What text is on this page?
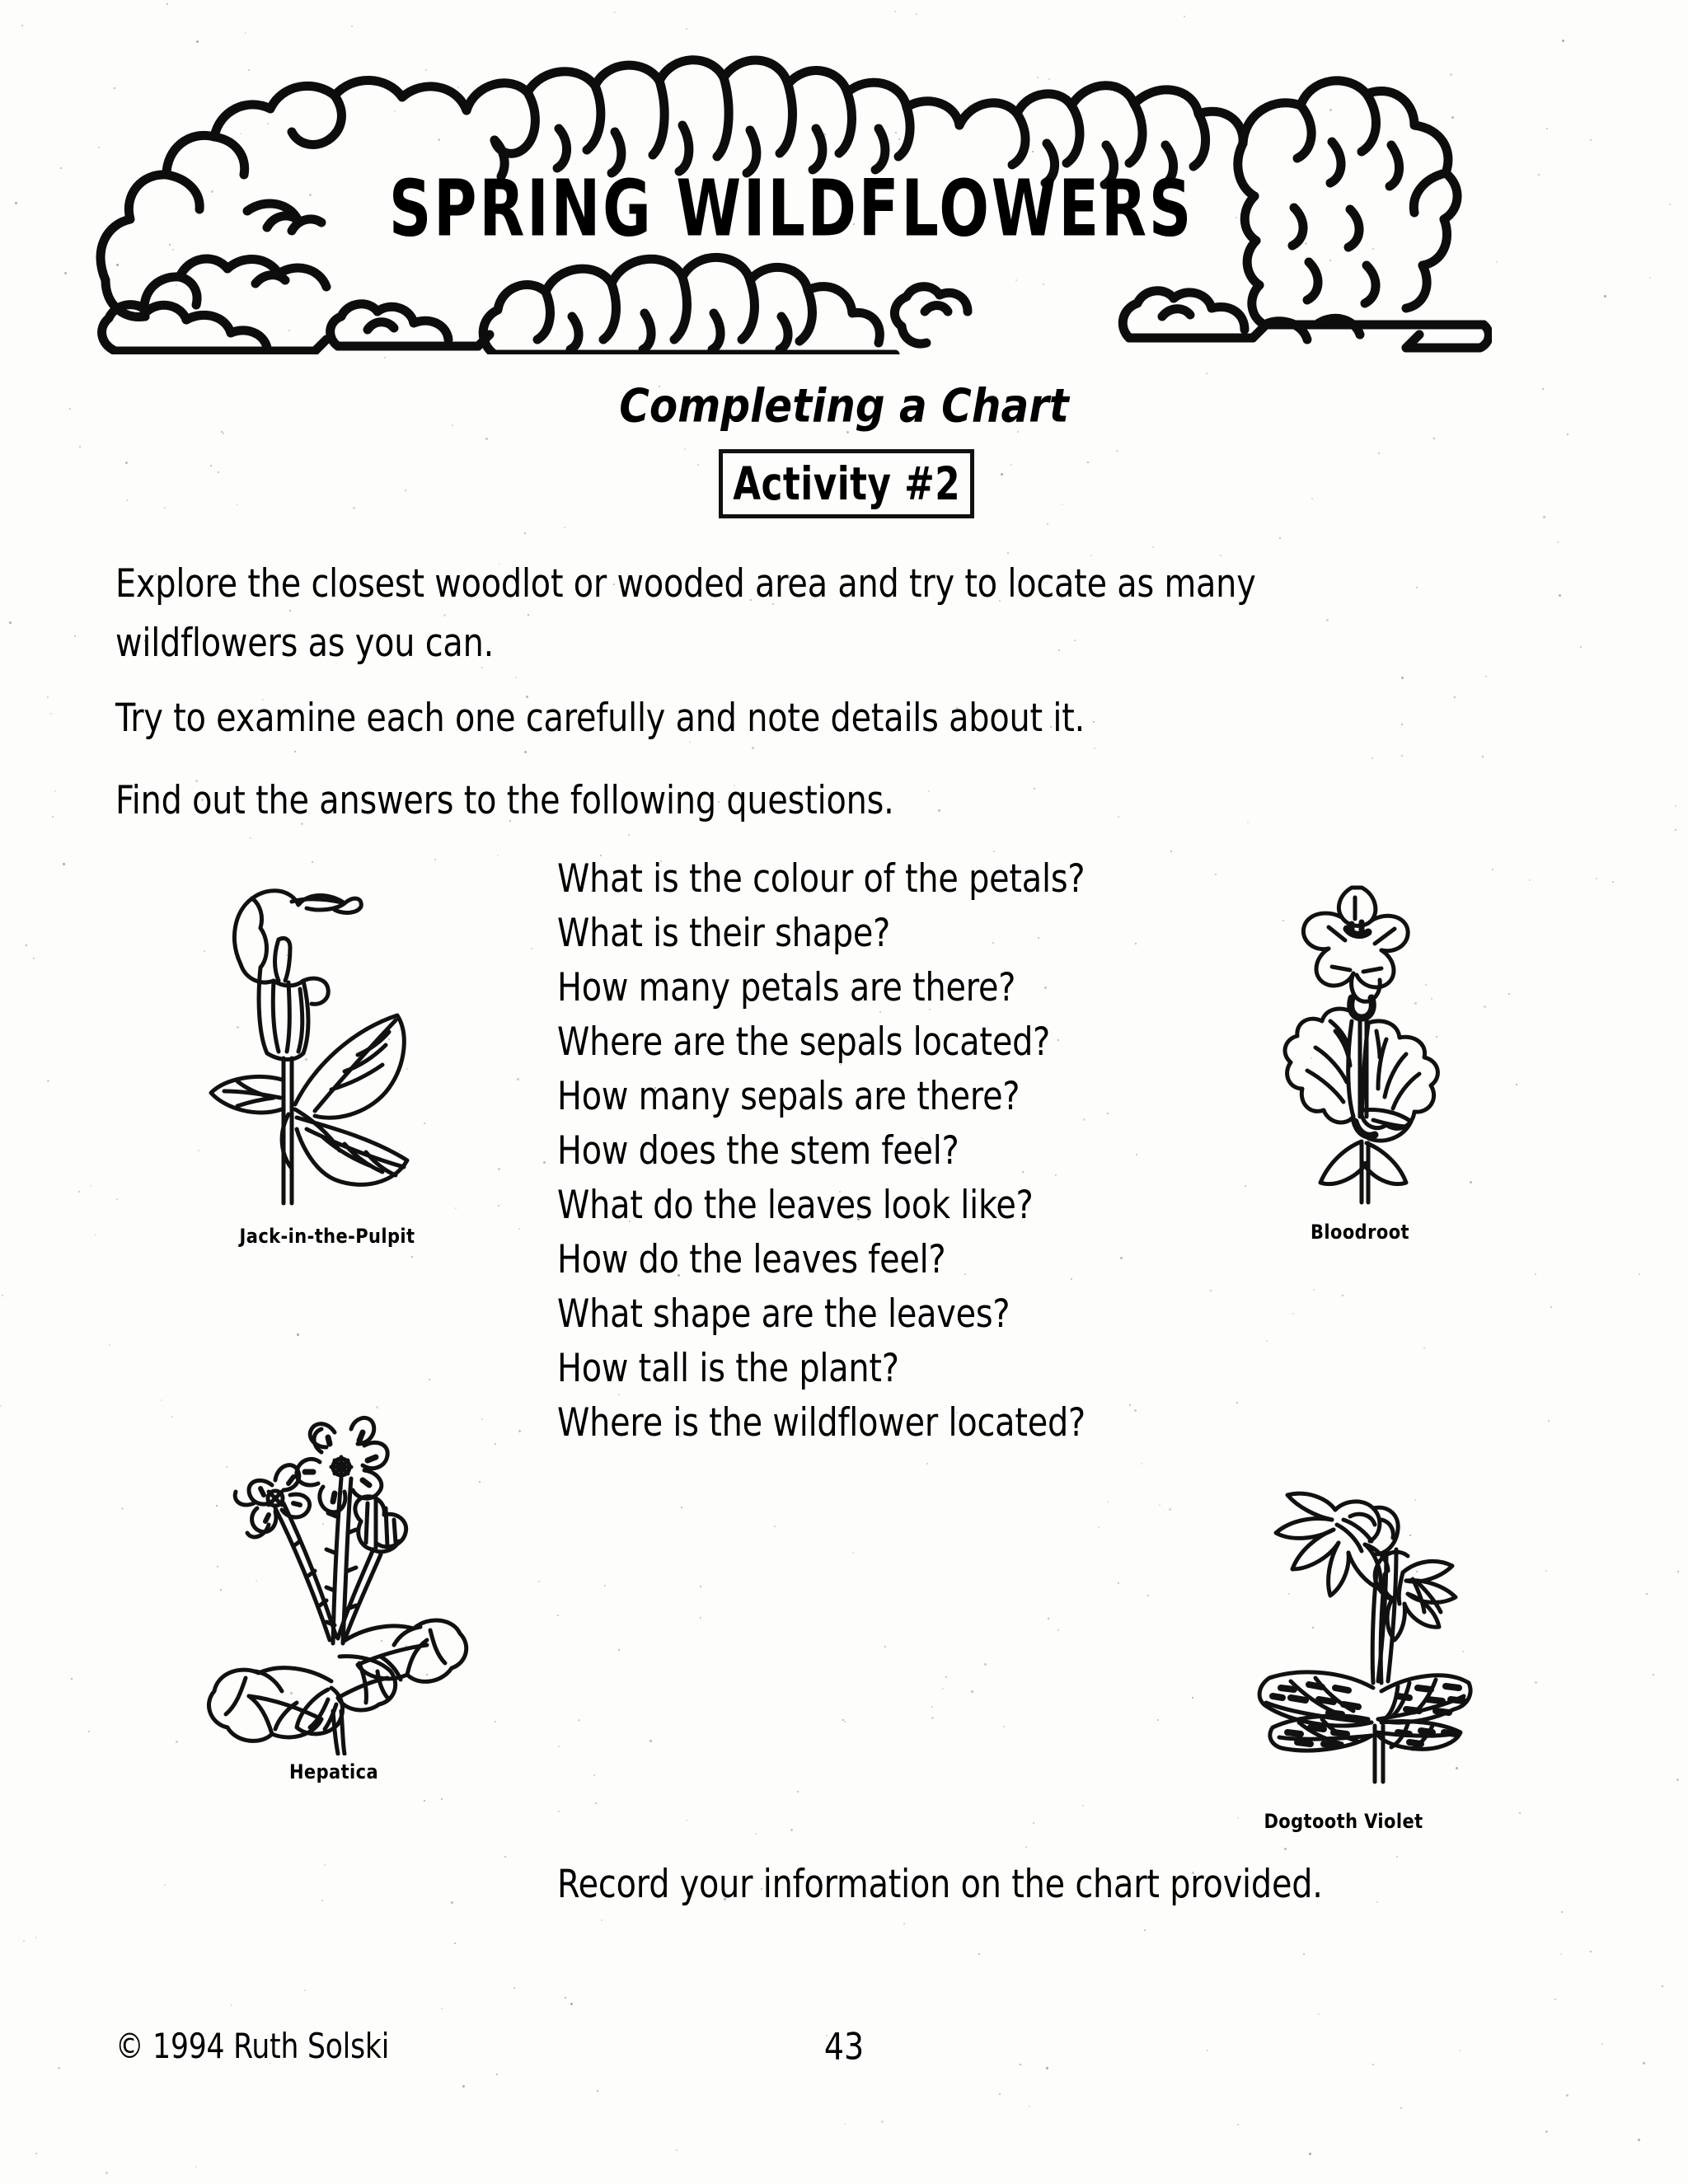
SPRING WILDFLOWERS
Completing a Chart
Activity #2
Explore the closest woodlot or wooded area and try to locate as many wildflowers as you can.
Try to examine each one carefully and note details about it.
Find out the answers to the following questions.
What is the colour of the petals?
What is their shape?
How many petals are there?
Where are the sepals located?
How many sepals are there?
How does the stem feel?
What do the leaves look like?
How do the leaves feel?
What shape are the leaves?
How tall is the plant?
Where is the wildflower located?
Record your information on the chart provided.
Jack-in-the-Pulpit	Bloodroot
Hepatica
Dogtooth Violet
© 1994 Ruth Solski	43
